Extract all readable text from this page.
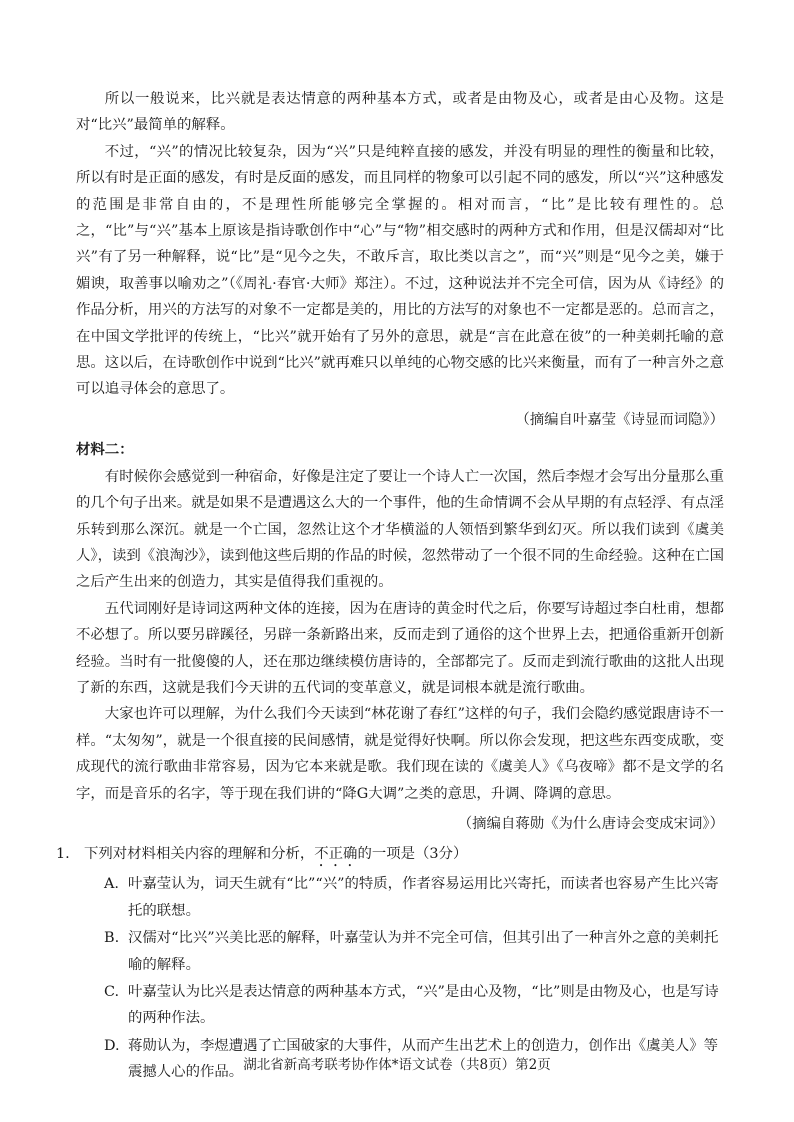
所以一般说来，比兴就是表达情意的两种基本方式，或者是由物及心，或者是由心及物。这是对“比兴”最简单的解释。

不过，“兴”的情况比较复杂，因为“兴”只是纯粹直接的感发，并没有明显的理性的衡量和比较，所以有时是正面的感发，有时是反面的感发，而且同样的物象可以引起不同的感发，所以“兴”这种感发的范围是非常自由的，不是理性所能够完全掌握的。相对而言，“比”是比较有理性的。总之，“比”与“兴”基本上原该是指诗歌创作中“心”与“物”相交感时的两种方式和作用，但是汉儒却对“比兴”有了另一种解释，说“比”是“见今之失，不敢斥言，取比类以言之”，而“兴”则是“见今之美，嫌于媚谀，取善事以喻劝之”（《周礼·春官·大师》郑注）。不过，这种说法并不完全可信，因为从《诗经》的作品分析，用兴的方法写的对象不一定都是美的，用比的方法写的对象也不一定都是恶的。总而言之，在中国文学批评的传统上，“比兴”就开始有了另外的意思，就是“言在此意在彼”的一种美刺托喻的意思。这以后，在诗歌创作中说到“比兴”就再难只以单纯的心物交感的比兴来衡量，而有了一种言外之意可以追寻体会的意思了。

（摘编自叶嘉莹《诗显而词隐》）
材料二：

有时候你会感觉到一种宿命，好像是注定了要让一个诗人亡一次国，然后李煜才会写出分量那么重的几个句子出来。就是如果不是遭遇这么大的一个事件，他的生命情调不会从早期的有点轻浮、有点淫乐转到那么深沉。就是一个亡国，忽然让这个才华横溢的人领悟到繁华到幻灭。所以我们读到《虞美人》，读到《浪淘沙》，读到他这些后期的作品的时候，忽然带动了一个很不同的生命经验。这种在亡国之后产生出来的创造力，其实是值得我们重视的。

五代词刚好是诗词这两种文体的连接，因为在唐诗的黄金时代之后，你要写诗超过李白杜甫，想都不必想了。所以要另辟蹊径，另辟一条新路出来，反而走到了通俗的这个世界上去，把通俗重新开创新经验。当时有一批傻傻的人，还在那边继续模仿唐诗的，全部都完了。反而走到流行歌曲的这批人出现了新的东西，这就是我们今天讲的五代词的变革意义，就是词根本就是流行歌曲。

大家也许可以理解，为什么我们今天读到“林花谢了春红”这样的句子，我们会隐约感觉跟唐诗不一样。“太匆匆”，就是一个很直接的民间感情，就是觉得好快啊。所以你会发现，把这些东西变成歌，变成现代的流行歌曲非常容易，因为它本来就是歌。我们现在读的《虞美人》《乌夜啼》都不是文学的名字，而是音乐的名字，等于现在我们讲的“降G大调”之类的意思，升调、降调的意思。

（摘编自蒋勋《为什么唐诗会变成宋词》）
1. 下列对材料相关内容的理解和分析，不正确的一项是（3分）
A. 叶嘉莹认为，词天生就有“比”“兴”的特质，作者容易运用比兴寄托，而读者也容易产生比兴寄托的联想。
B. 汉儒对“比兴”兴美比恶的解释，叶嘉莹认为并不完全可信，但其引出了一种言外之意的美刺托喻的解释。
C. 叶嘉莹认为比兴是表达情意的两种基本方式，“兴”是由心及物，“比”则是由物及心，也是写诗的两种作法。
D. 蒋勋认为，李煜遭遇了亡国破家的大事件，从而产生出艺术上的创造力，创作出《虞美人》等震撼人心的作品。 湖北省新高考联考协作体*语文试卷（共8页）第2页
